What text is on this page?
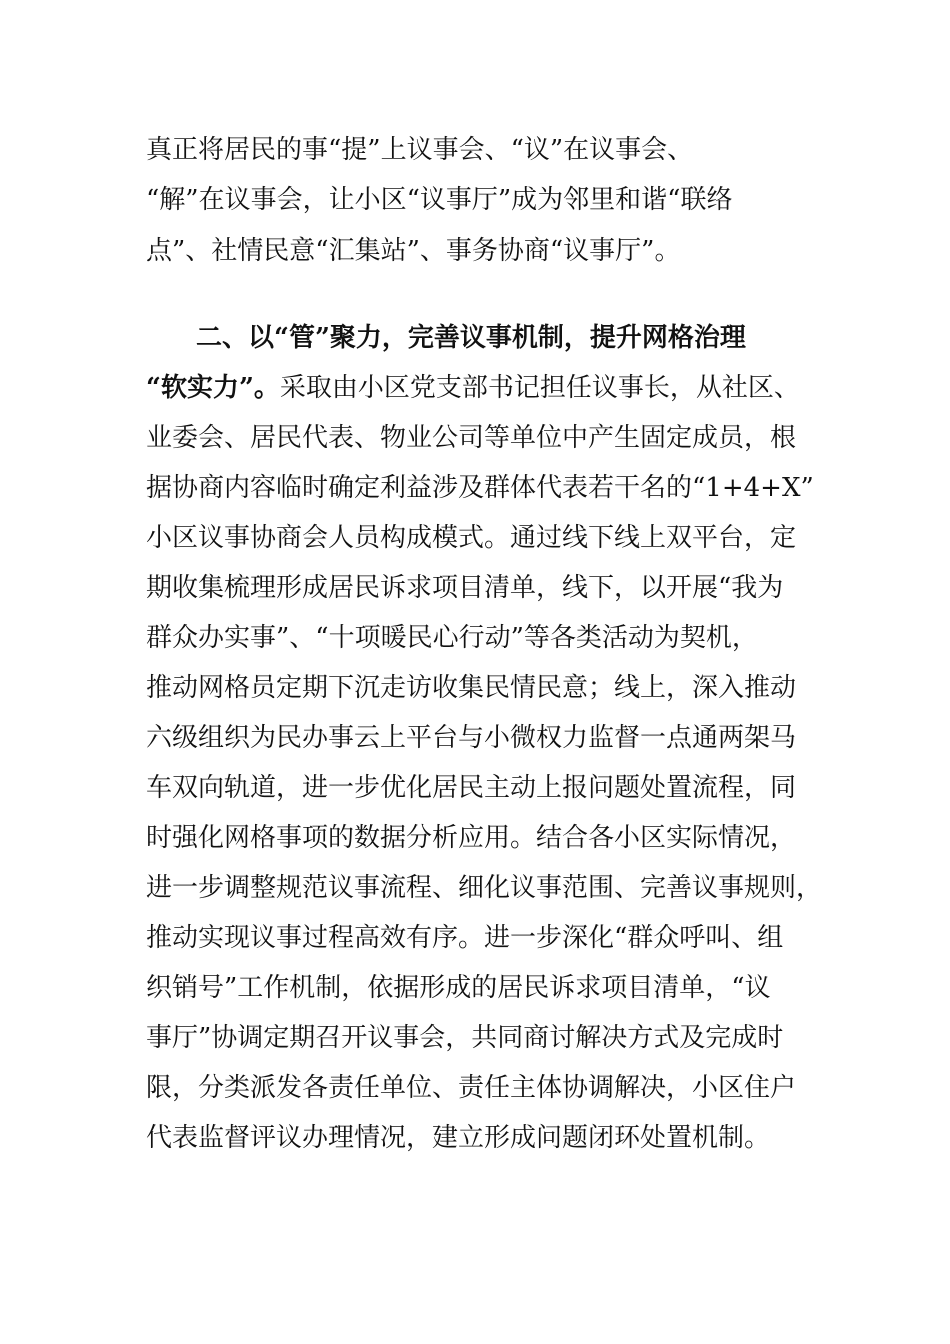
真正将居民的事“提”上议事会、“议”在议事会、
“解”在议事会，让小区“议事厅”成为邻里和谐“联络
点”、社情民意“汇集站”、事务协商“议事厅”。
二、以“管”聚力，完善议事机制，提升网格治理
“软实力”。采取由小区党支部书记担任议事长，从社区、
业委会、居民代表、物业公司等单位中产生固定成员，根
据协商内容临时确定利益涉及群体代表若干名的“1+4+X”
小区议事协商会人员构成模式。通过线下线上双平台，定
期收集梳理形成居民诉求项目清单，线下，以开展“我为
群众办实事”、“十项暖民心行动”等各类活动为契机，
推动网格员定期下沉走访收集民情民意；线上，深入推动
六级组织为民办事云上平台与小微权力监督一点通两架马
车双向轨道，进一步优化居民主动上报问题处置流程，同
时强化网格事项的数据分析应用。结合各小区实际情况，
进一步调整规范议事流程、细化议事范围、完善议事规则，
推动实现议事过程高效有序。进一步深化“群众呼叫、组
织销号”工作机制，依据形成的居民诉求项目清单，“议
事厅”协调定期召开议事会，共同商讨解决方式及完成时
限，分类派发各责任单位、责任主体协调解决，小区住户
代表监督评议办理情况，建立形成问题闭环处置机制。
